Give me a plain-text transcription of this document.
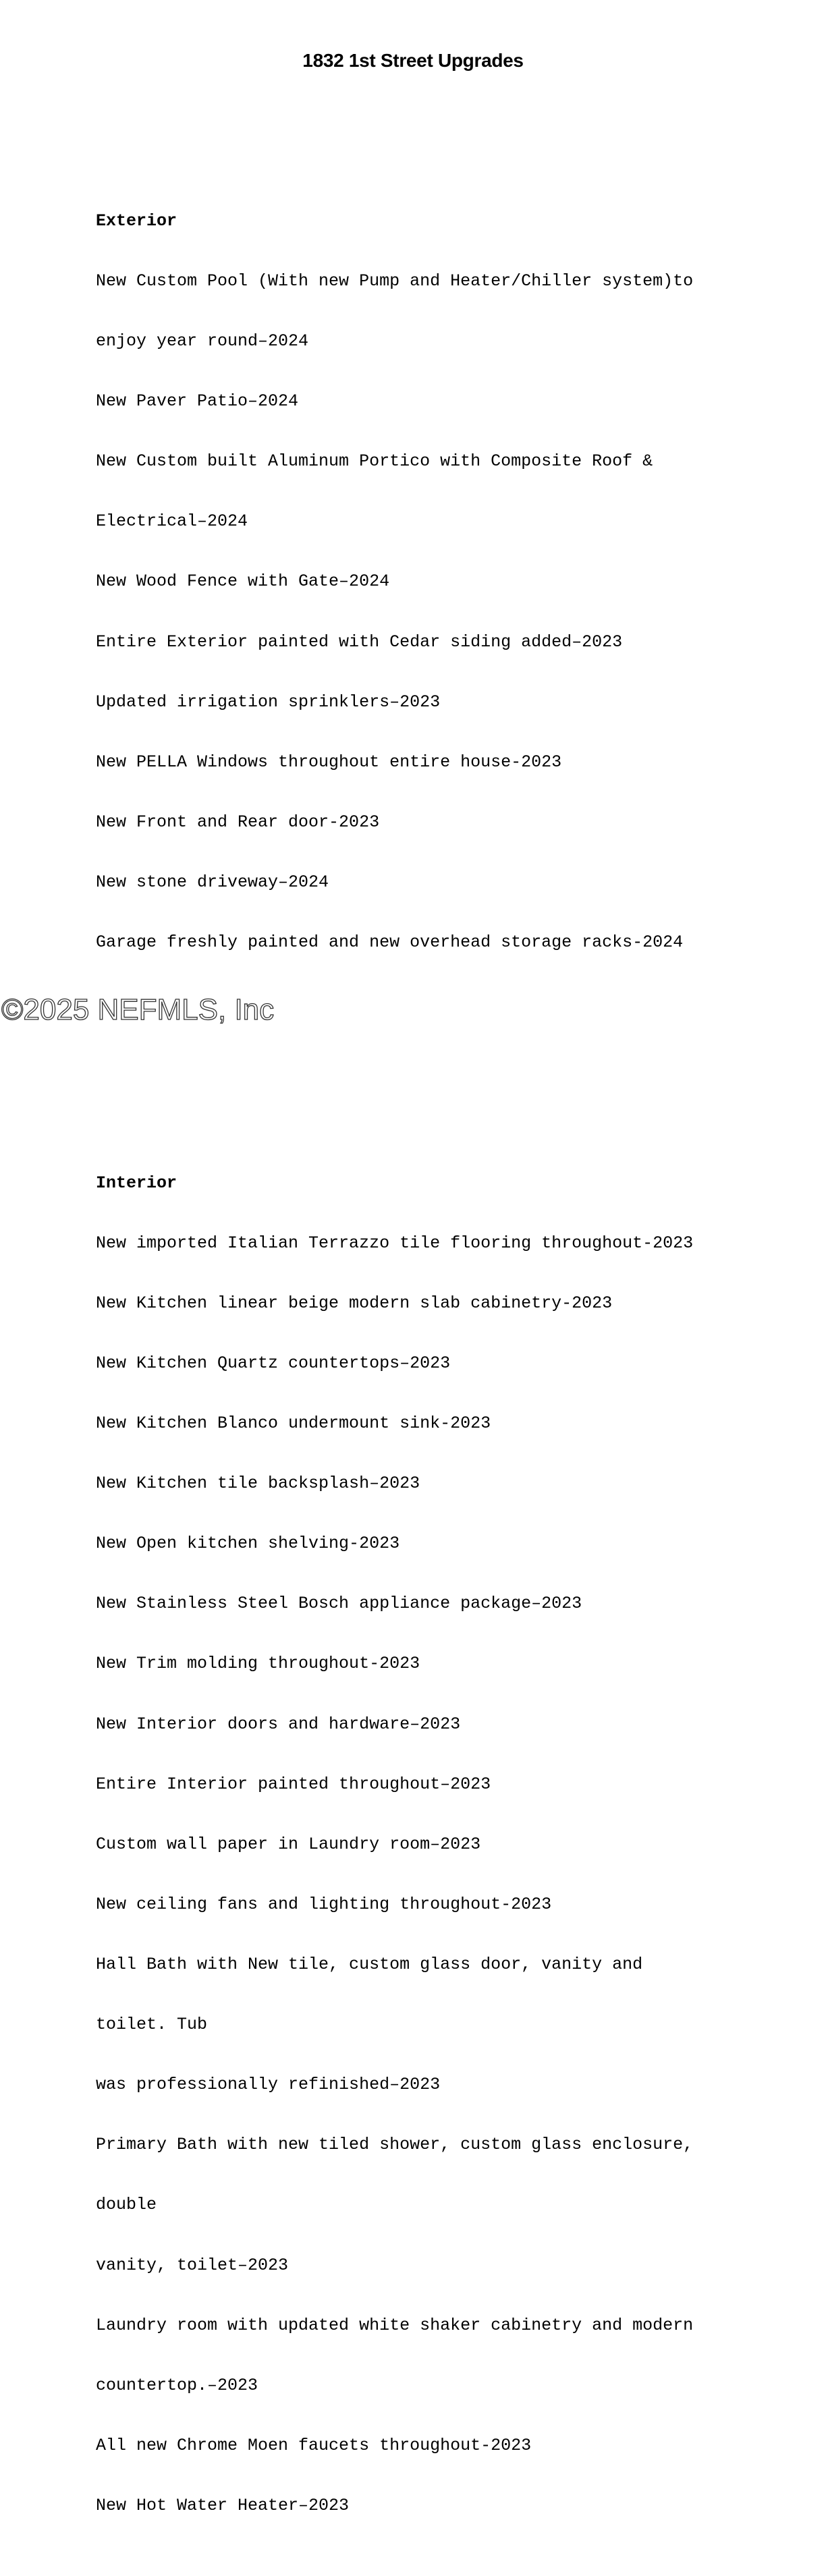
1832 1st Street Upgrades

Exterior

New Custom Pool (With new Pump and Heater/Chiller system)to

enjoy year round–2024

New Paver Patio–2024

New Custom built Aluminum Portico with Composite Roof &

Electrical–2024

New Wood Fence with Gate–2024

Entire Exterior painted with Cedar siding added–2023

Updated irrigation sprinklers–2023

New PELLA Windows throughout entire house-2023

New Front and Rear door-2023

New stone driveway–2024

Garage freshly painted and new overhead storage racks-2024

Interior

New imported Italian Terrazzo tile flooring throughout-2023

New Kitchen linear beige modern slab cabinetry-2023

New Kitchen Quartz countertops–2023

New Kitchen Blanco undermount sink-2023

New Kitchen tile backsplash–2023

New Open kitchen shelving-2023

New Stainless Steel Bosch appliance package–2023

New Trim molding throughout-2023

New Interior doors and hardware–2023

Entire Interior painted throughout–2023

Custom wall paper in Laundry room–2023

New ceiling fans and lighting throughout-2023

Hall Bath with New tile, custom glass door, vanity and

toilet. Tub

was professionally refinished–2023

Primary Bath with new tiled shower, custom glass enclosure,

double

vanity, toilet–2023

Laundry room with updated white shaker cabinetry and modern

countertop.–2023

All new Chrome Moen faucets throughout-2023

New Hot Water Heater–2023

©2025 NEFMLS, Inc
